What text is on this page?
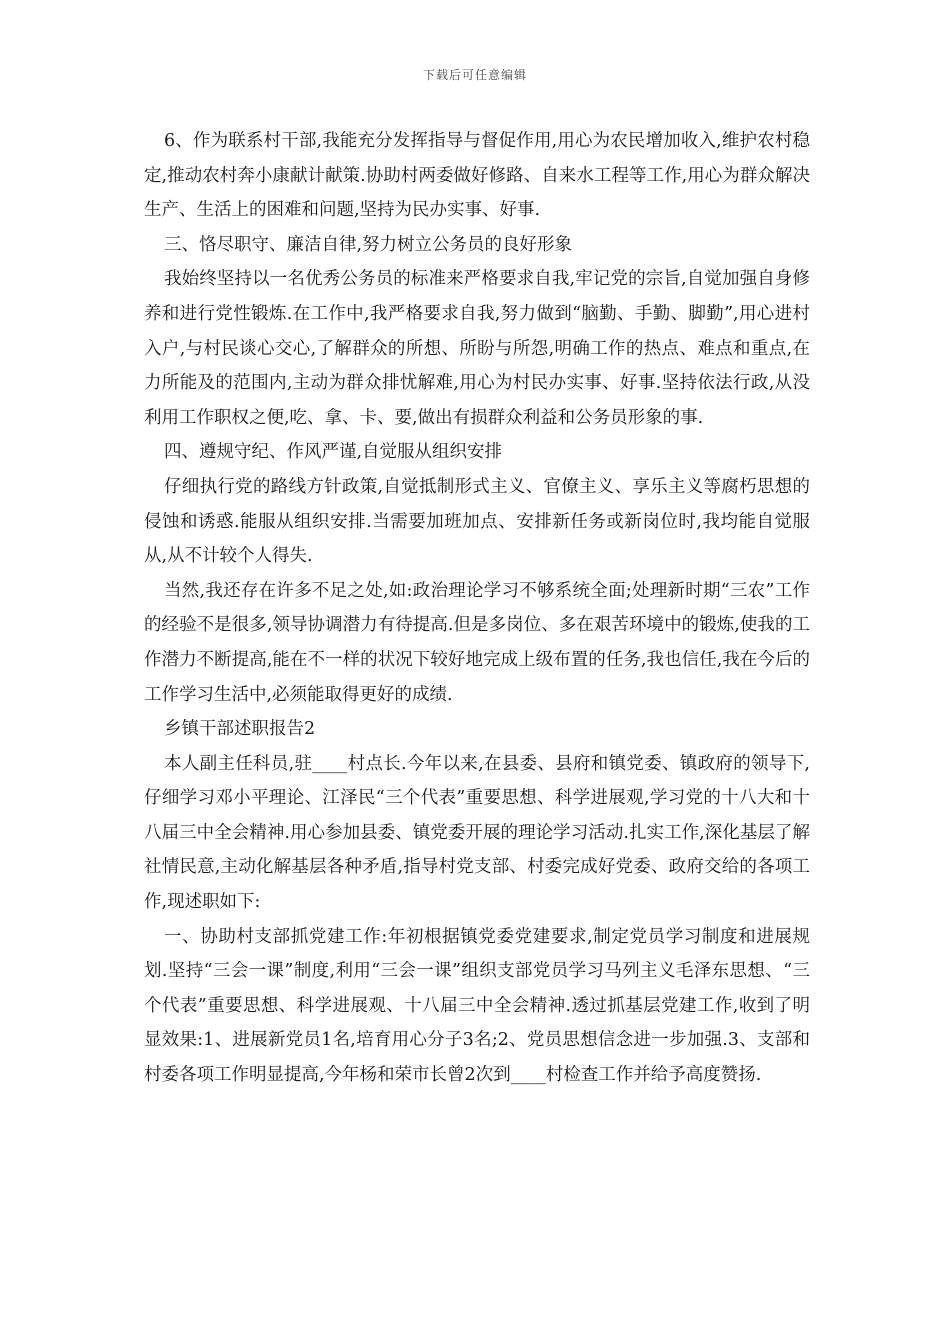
下载后可任意编辑

6、作为联系村干部,我能充分发挥指导与督促作用,用心为农民增加收入,维护农村稳定,推动农村奔小康献计献策.协助村两委做好修路、自来水工程等工作,用心为群众解决生产、生活上的困难和问题,坚持为民办实事、好事.

三、恪尽职守、廉洁自律,努力树立公务员的良好形象

我始终坚持以一名优秀公务员的标准来严格要求自我,牢记党的宗旨,自觉加强自身修养和进行党性锻炼.在工作中,我严格要求自我,努力做到“脑勤、手勤、脚勤”,用心进村入户,与村民谈心交心,了解群众的所想、所盼与所怨,明确工作的热点、难点和重点,在力所能及的范围内,主动为群众排忧解难,用心为村民办实事、好事.坚持依法行政,从没利用工作职权之便,吃、拿、卡、要,做出有损群众利益和公务员形象的事.

四、遵规守纪、作风严谨,自觉服从组织安排

仔细执行党的路线方针政策,自觉抵制形式主义、官僚主义、享乐主义等腐朽思想的侵蚀和诱惑.能服从组织安排.当需要加班加点、安排新任务或新岗位时,我均能自觉服从,从不计较个人得失.

当然,我还存在许多不足之处,如:政治理论学习不够系统全面;处理新时期“三农”工作的经验不是很多,领导协调潜力有待提高.但是多岗位、多在艰苦环境中的锻炼,使我的工作潜力不断提高,能在不一样的状况下较好地完成上级布置的任务,我也信任,我在今后的工作学习生活中,必须能取得更好的成绩.

乡镇干部述职报告2

本人副主任科员,驻____村点长.今年以来,在县委、县府和镇党委、镇政府的领导下,仔细学习邓小平理论、江泽民“三个代表”重要思想、科学进展观,学习党的十八大和十八届三中全会精神.用心参加县委、镇党委开展的理论学习活动.扎实工作,深化基层了解社情民意,主动化解基层各种矛盾,指导村党支部、村委完成好党委、政府交给的各项工作,现述职如下:

一、协助村支部抓党建工作:年初根据镇党委党建要求,制定党员学习制度和进展规划.坚持“三会一课”制度,利用“三会一课”组织支部党员学习马列主义毛泽东思想、“三个代表”重要思想、科学进展观、十八届三中全会精神.透过抓基层党建工作,收到了明显效果:1、进展新党员1名,培育用心分子3名;2、党员思想信念进一步加强.3、支部和村委各项工作明显提高,今年杨和荣市长曾2次到____村检查工作并给予高度赞扬.
